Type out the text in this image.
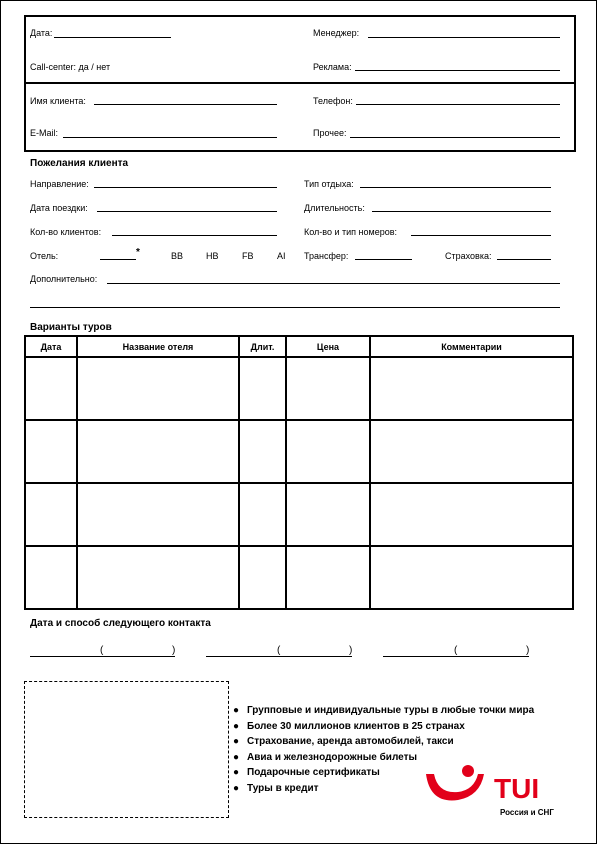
Дата:	Менеджер:
Call-center: да / нет	Реклама:
Имя клиента:	Телефон:
E-Mail:	Прочее:
Пожелания клиента
Направление:	Тип отдыха:
Дата поездки:	Длительность:
Кол-во клиентов:	Кол-во и тип номеров:
Отель:	*	BB	HB	FB	AI Трансфер:	Страховка:
Дополнительно:
Варианты туров
Дата	Название отеля	Длит.	Цена	Комментарии

Дата и способ следующего контакта
(	)	(	)	(	)
● Групповые и индивидуальные туры в любые точки мира
● Более 30 миллионов клиентов в 25 странах
● Страхование, аренда автомобилей, такси
● Авиа и железнодорожные билеты
● Подарочные сертификаты
● Туры в кредит	TUI
Россия и СНГ
